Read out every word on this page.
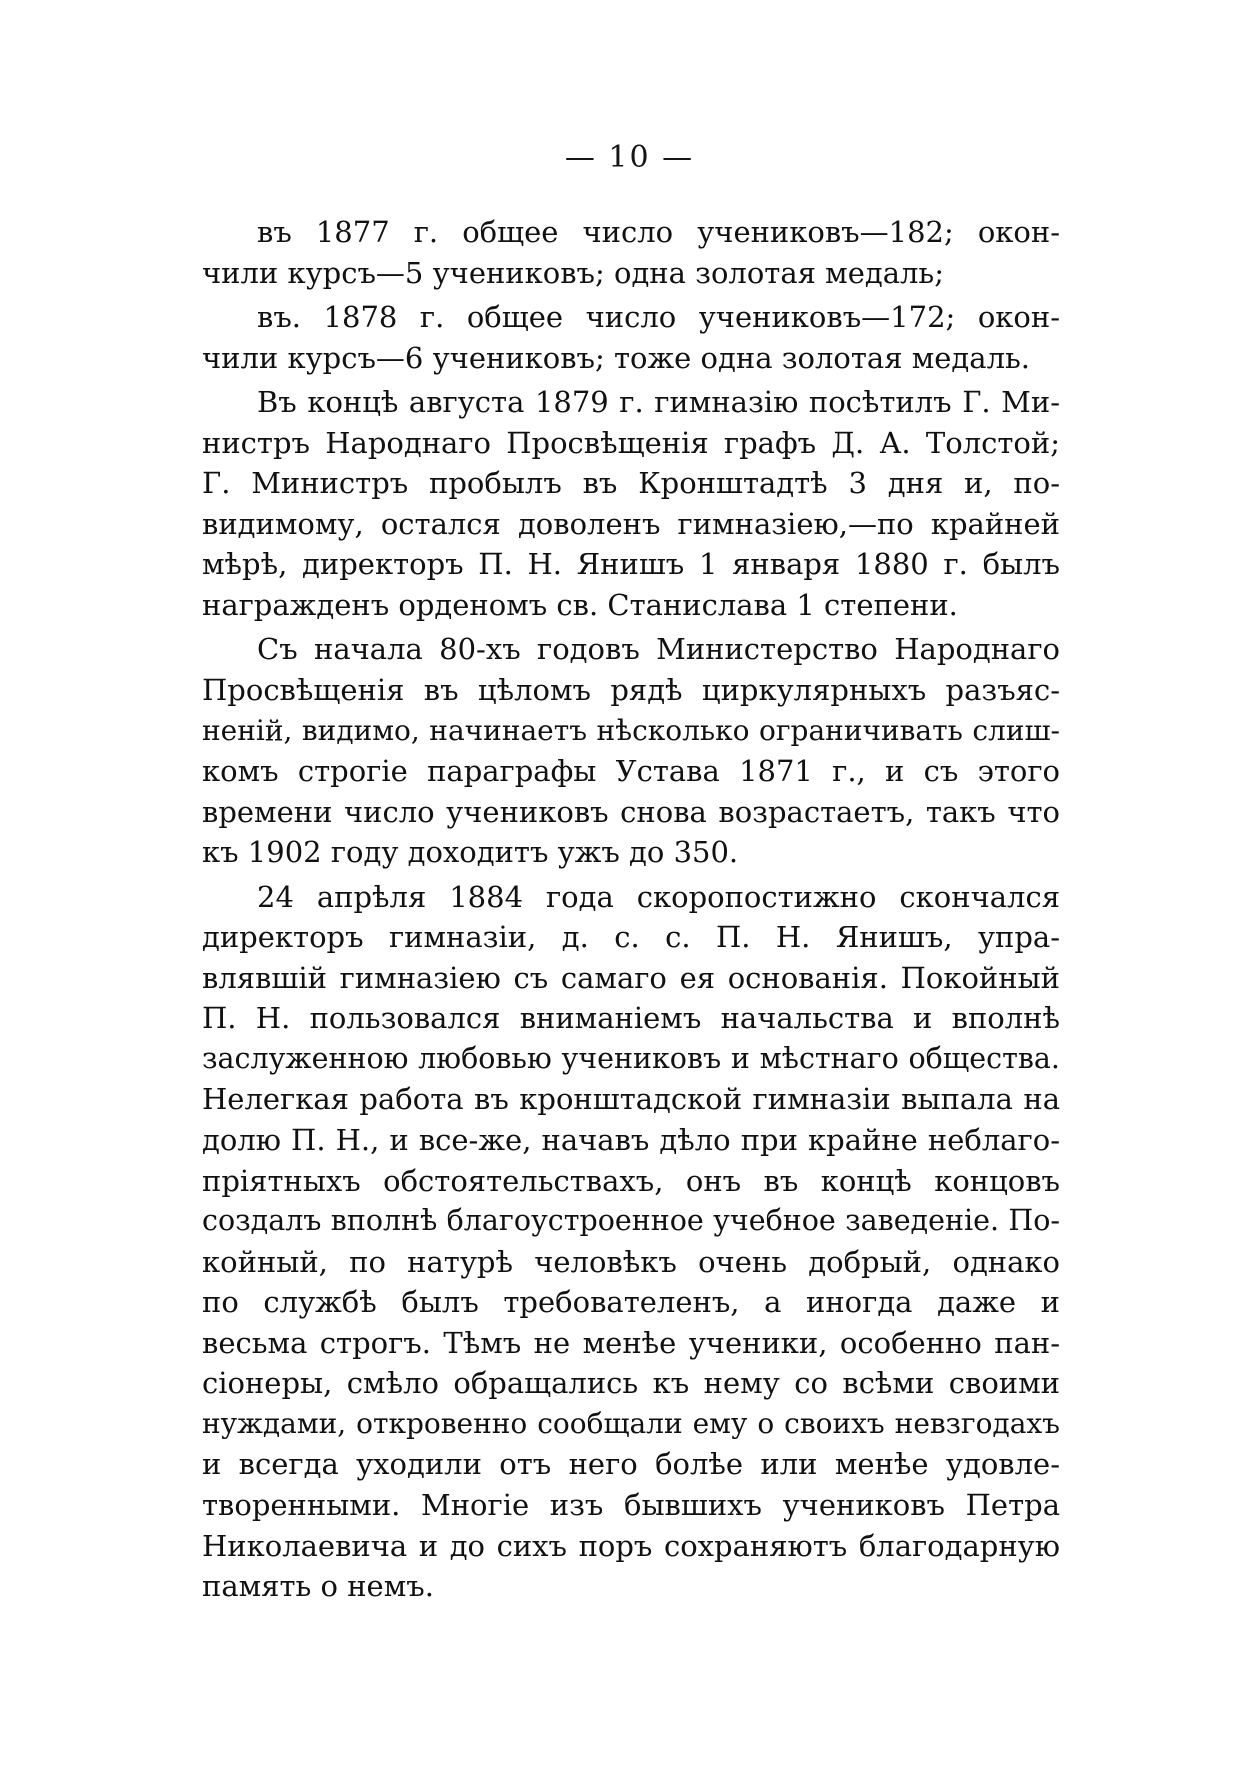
— 10 —
въ 1877 г. общее число учениковъ—182; окон-
чили курсъ—5 учениковъ; одна золотая медаль;
въ. 1878 г. общее число учениковъ—172; окон-
чили курсъ—6 учениковъ; тоже одна золотая медаль.
Въ концѣ августа 1879 г. гимназію посѣтилъ Г. Ми-
нистръ Народнаго Просвѣщенія графъ Д. А. Толстой;
Г. Министръ пробылъ въ Кронштадтѣ 3 дня и, по-
видимому, остался доволенъ гимназіею,—по крайней
мѣрѣ, директоръ П. Н. Янишъ 1 января 1880 г. былъ
награжденъ орденомъ св. Станислава 1 степени.
Съ начала 80-хъ годовъ Министерство Народнаго
Просвѣщенія въ цѣломъ рядѣ циркулярныхъ разъяс-
неній, видимо, начинаетъ нѣсколько ограничивать слиш-
комъ строгіе параграфы Устава 1871 г., и съ этого
времени число учениковъ снова возрастаетъ, такъ что
къ 1902 году доходитъ ужъ до 350.
24 апрѣля 1884 года скоропостижно скончался
директоръ гимназіи, д. с. с. П. Н. Янишъ, упра-
влявшій гимназіею съ самаго ея основанія. Покойный
П. Н. пользовался вниманіемъ начальства и вполнѣ
заслуженною любовью учениковъ и мѣстнаго общества.
Нелегкая работа въ кронштадской гимназіи выпала на
долю П. Н., и все-же, начавъ дѣло при крайне неблаго-
пріятныхъ обстоятельствахъ, онъ въ концѣ концовъ
создалъ вполнѣ благоустроенное учебное заведеніе. По-
койный, по натурѣ человѣкъ очень добрый, однако
по службѣ былъ требователенъ, а иногда даже и
весьма строгъ. Тѣмъ не менѣе ученики, особенно пан-
сіонеры, смѣло обращались къ нему со всѣми своими
нуждами, откровенно сообщали ему о своихъ невзгодахъ
и всегда уходили отъ него болѣе или менѣе удовле-
творенными. Многіе изъ бывшихъ учениковъ Петра
Николаевича и до сихъ поръ сохраняютъ благодарную
память о немъ.
